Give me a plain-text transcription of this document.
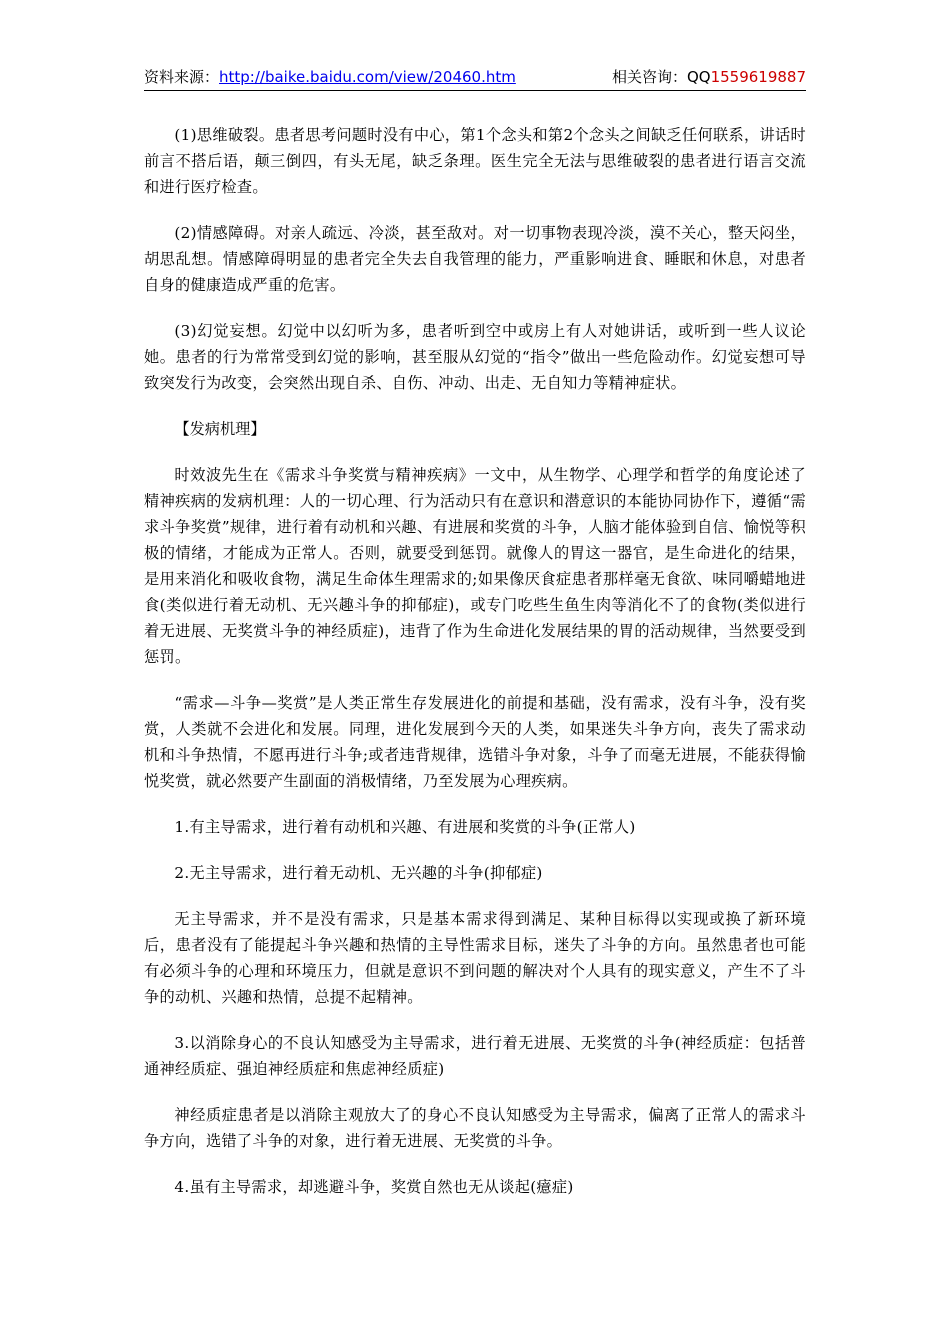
资料来源：http://baike.baidu.com/view/20460.htm	相关咨询：QQ1559619887

(1)思维破裂。患者思考问题时没有中心，第1个念头和第2个念头之间缺乏任何联系，讲话时前言不搭后语，颠三倒四，有头无尾，缺乏条理。医生完全无法与思维破裂的患者进行语言交流和进行医疗检查。

(2)情感障碍。对亲人疏远、冷淡，甚至敌对。对一切事物表现冷淡，漠不关心，整天闷坐，胡思乱想。情感障碍明显的患者完全失去自我管理的能力，严重影响进食、睡眠和休息，对患者自身的健康造成严重的危害。

(3)幻觉妄想。幻觉中以幻听为多，患者听到空中或房上有人对她讲话，或听到一些人议论她。患者的行为常常受到幻觉的影响，甚至服从幻觉的“指令”做出一些危险动作。幻觉妄想可导致突发行为改变，会突然出现自杀、自伤、冲动、出走、无自知力等精神症状。

【发病机理】

时效波先生在《需求斗争奖赏与精神疾病》一文中，从生物学、心理学和哲学的角度论述了精神疾病的发病机理：人的一切心理、行为活动只有在意识和潜意识的本能协同协作下，遵循“需求斗争奖赏”规律，进行着有动机和兴趣、有进展和奖赏的斗争，人脑才能体验到自信、愉悦等积极的情绪，才能成为正常人。否则，就要受到惩罚。就像人的胃这一器官，是生命进化的结果，是用来消化和吸收食物，满足生命体生理需求的;如果像厌食症患者那样毫无食欲、味同嚼蜡地进食(类似进行着无动机、无兴趣斗争的抑郁症)，或专门吃些生鱼生肉等消化不了的食物(类似进行着无进展、无奖赏斗争的神经质症)，违背了作为生命进化发展结果的胃的活动规律，当然要受到惩罚。

“需求—斗争—奖赏”是人类正常生存发展进化的前提和基础，没有需求，没有斗争，没有奖赏，人类就不会进化和发展。同理，进化发展到今天的人类，如果迷失斗争方向，丧失了需求动机和斗争热情，不愿再进行斗争;或者违背规律，选错斗争对象，斗争了而毫无进展，不能获得愉悦奖赏，就必然要产生副面的消极情绪，乃至发展为心理疾病。

1.有主导需求，进行着有动机和兴趣、有进展和奖赏的斗争(正常人)

2.无主导需求，进行着无动机、无兴趣的斗争(抑郁症)

无主导需求，并不是没有需求，只是基本需求得到满足、某种目标得以实现或换了新环境后，患者没有了能提起斗争兴趣和热情的主导性需求目标，迷失了斗争的方向。虽然患者也可能有必须斗争的心理和环境压力，但就是意识不到问题的解决对个人具有的现实意义，产生不了斗争的动机、兴趣和热情，总提不起精神。

3.以消除身心的不良认知感受为主导需求，进行着无进展、无奖赏的斗争(神经质症：包括普通神经质症、强迫神经质症和焦虑神经质症)

神经质症患者是以消除主观放大了的身心不良认知感受为主导需求，偏离了正常人的需求斗争方向，选错了斗争的对象，进行着无进展、无奖赏的斗争。

4.虽有主导需求，却逃避斗争，奖赏自然也无从谈起(癔症)
